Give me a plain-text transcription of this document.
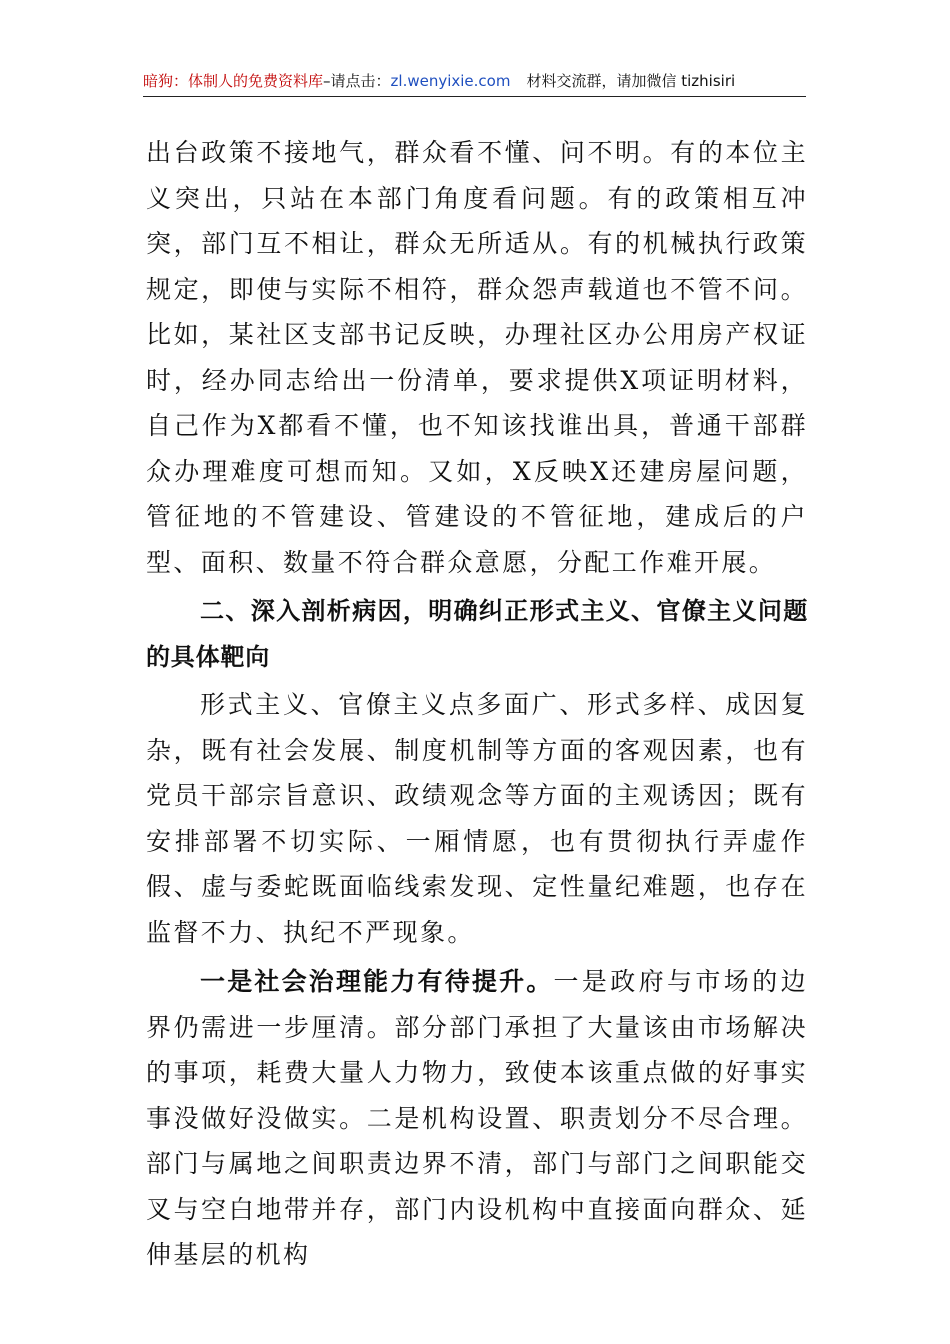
暗狗：体制人的免费资料库 –请点击： zl.wenyixie.com 材料交流群，请加微信 tizhisiri

出台政策不接地气，群众看不懂、问不明。有的本位主义突出，只站在本部门角度看问题。有的政策相互冲突，部门互不相让，群众无所适从。有的机械执行政策规定，即使与实际不相符，群众怨声载道也不管不问。比如，某社区支部书记反映，办理社区办公用房产权证时，经办同志给出一份清单，要求提供X项证明材料，自己作为X都看不懂，也不知该找谁出具，普通干部群众办理难度可想而知。又如，X反映X还建房屋问题，管征地的不管建设、管建设的不管征地，建成后的户型、面积、数量不符合群众意愿，分配工作难开展。

二、深入剖析病因，明确纠正形式主义、官僚主义问题的具体靶向

形式主义、官僚主义点多面广、形式多样、成因复杂，既有社会发展、制度机制等方面的客观因素，也有党员干部宗旨意识、政绩观念等方面的主观诱因；既有安排部署不切实际、一厢情愿，也有贯彻执行弄虚作假、虚与委蛇既面临线索发现、定性量纪难题，也存在监督不力、执纪不严现象。

一是社会治理能力有待提升。一是政府与市场的边界仍需进一步厘清。部分部门承担了大量该由市场解决的事项，耗费大量人力物力，致使本该重点做的好事实事没做好没做实。二是机构设置、职责划分不尽合理。部门与属地之间职责边界不清，部门与部门之间职能交叉与空白地带并存，部门内设机构中直接面向群众、延伸基层的机构
